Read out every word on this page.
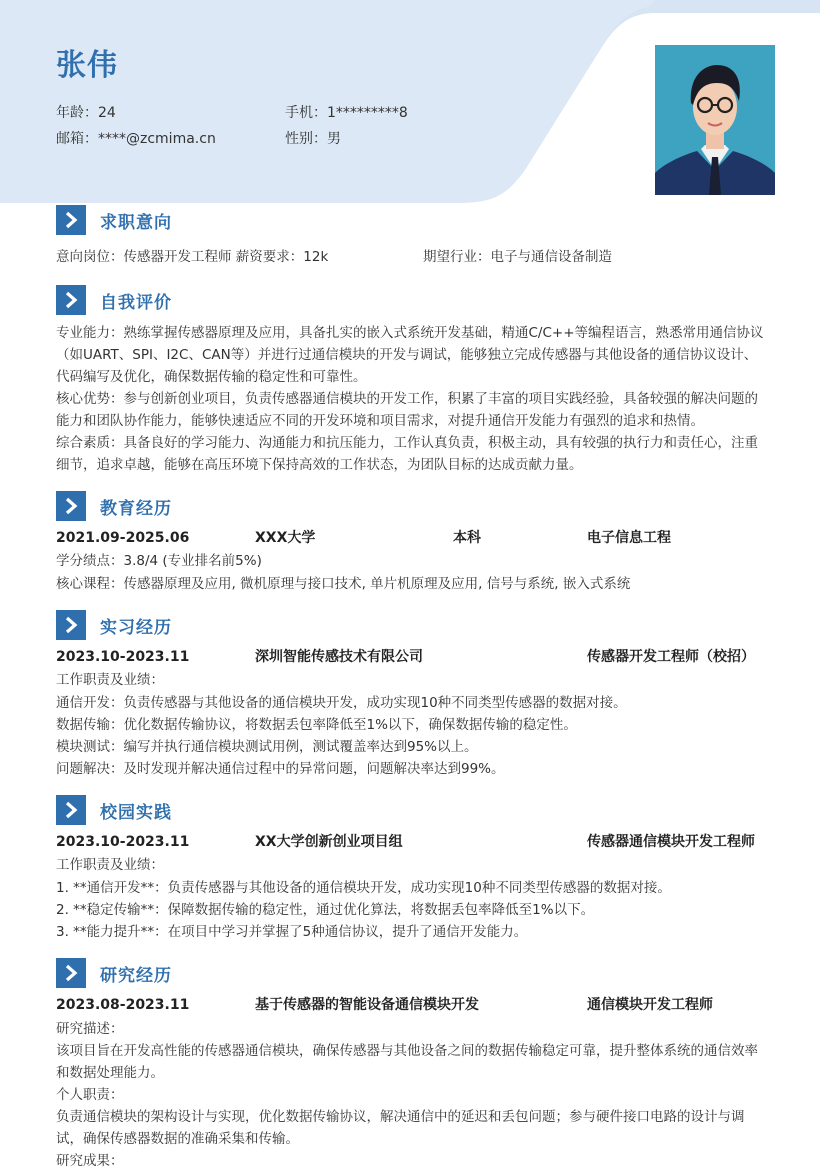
张伟
年龄：24	手机：1*********8
邮箱：****@zcmima.cn	性别：男
求职意向
意向岗位：传感器开发工程师 薪资要求：12k	期望行业：电子与通信设备制造
自我评价
专业能力：熟练掌握传感器原理及应用，具备扎实的嵌入式系统开发基础，精通C/C++等编程语言，熟悉常用通信协议（如UART、SPI、I2C、CAN等）并进行过通信模块的开发与调试，能够独立完成传感器与其他设备的通信协议设计、代码编写及优化，确保数据传输的稳定性和可靠性。
核心优势：参与创新创业项目，负责传感器通信模块的开发工作，积累了丰富的项目实践经验，具备较强的解决问题的能力和团队协作能力，能够快速适应不同的开发环境和项目需求，对提升通信开发能力有强烈的追求和热情。
综合素质：具备良好的学习能力、沟通能力和抗压能力，工作认真负责，积极主动，具有较强的执行力和责任心，注重细节，追求卓越，能够在高压环境下保持高效的工作状态，为团队目标的达成贡献力量。
教育经历
2021.09-2025.06	XXX大学	本科	电子信息工程
学分绩点：3.8/4 (专业排名前5%)
核心课程：传感器原理及应用, 微机原理与接口技术, 单片机原理及应用, 信号与系统, 嵌入式系统
实习经历
2023.10-2023.11	深圳智能传感技术有限公司	传感器开发工程师（校招）
工作职责及业绩：
通信开发：负责传感器与其他设备的通信模块开发，成功实现10种不同类型传感器的数据对接。
数据传输：优化数据传输协议，将数据丢包率降低至1%以下，确保数据传输的稳定性。
模块测试：编写并执行通信模块测试用例，测试覆盖率达到95%以上。
问题解决：及时发现并解决通信过程中的异常问题，问题解决率达到99%。
校园实践
2023.10-2023.11	XX大学创新创业项目组	传感器通信模块开发工程师
工作职责及业绩：
1. **通信开发**：负责传感器与其他设备的通信模块开发，成功实现10种不同类型传感器的数据对接。
2. **稳定传输**：保障数据传输的稳定性，通过优化算法，将数据丢包率降低至1%以下。
3. **能力提升**：在项目中学习并掌握了5种通信协议，提升了通信开发能力。
研究经历
2023.08-2023.11	基于传感器的智能设备通信模块开发	通信模块开发工程师
研究描述：
该项目旨在开发高性能的传感器通信模块，确保传感器与其他设备之间的数据传输稳定可靠，提升整体系统的通信效率和数据处理能力。
个人职责：
负责通信模块的架构设计与实现，优化数据传输协议，解决通信中的延迟和丢包问题；参与硬件接口电路的设计与调试，确保传感器数据的准确采集和传输。
研究成果：
